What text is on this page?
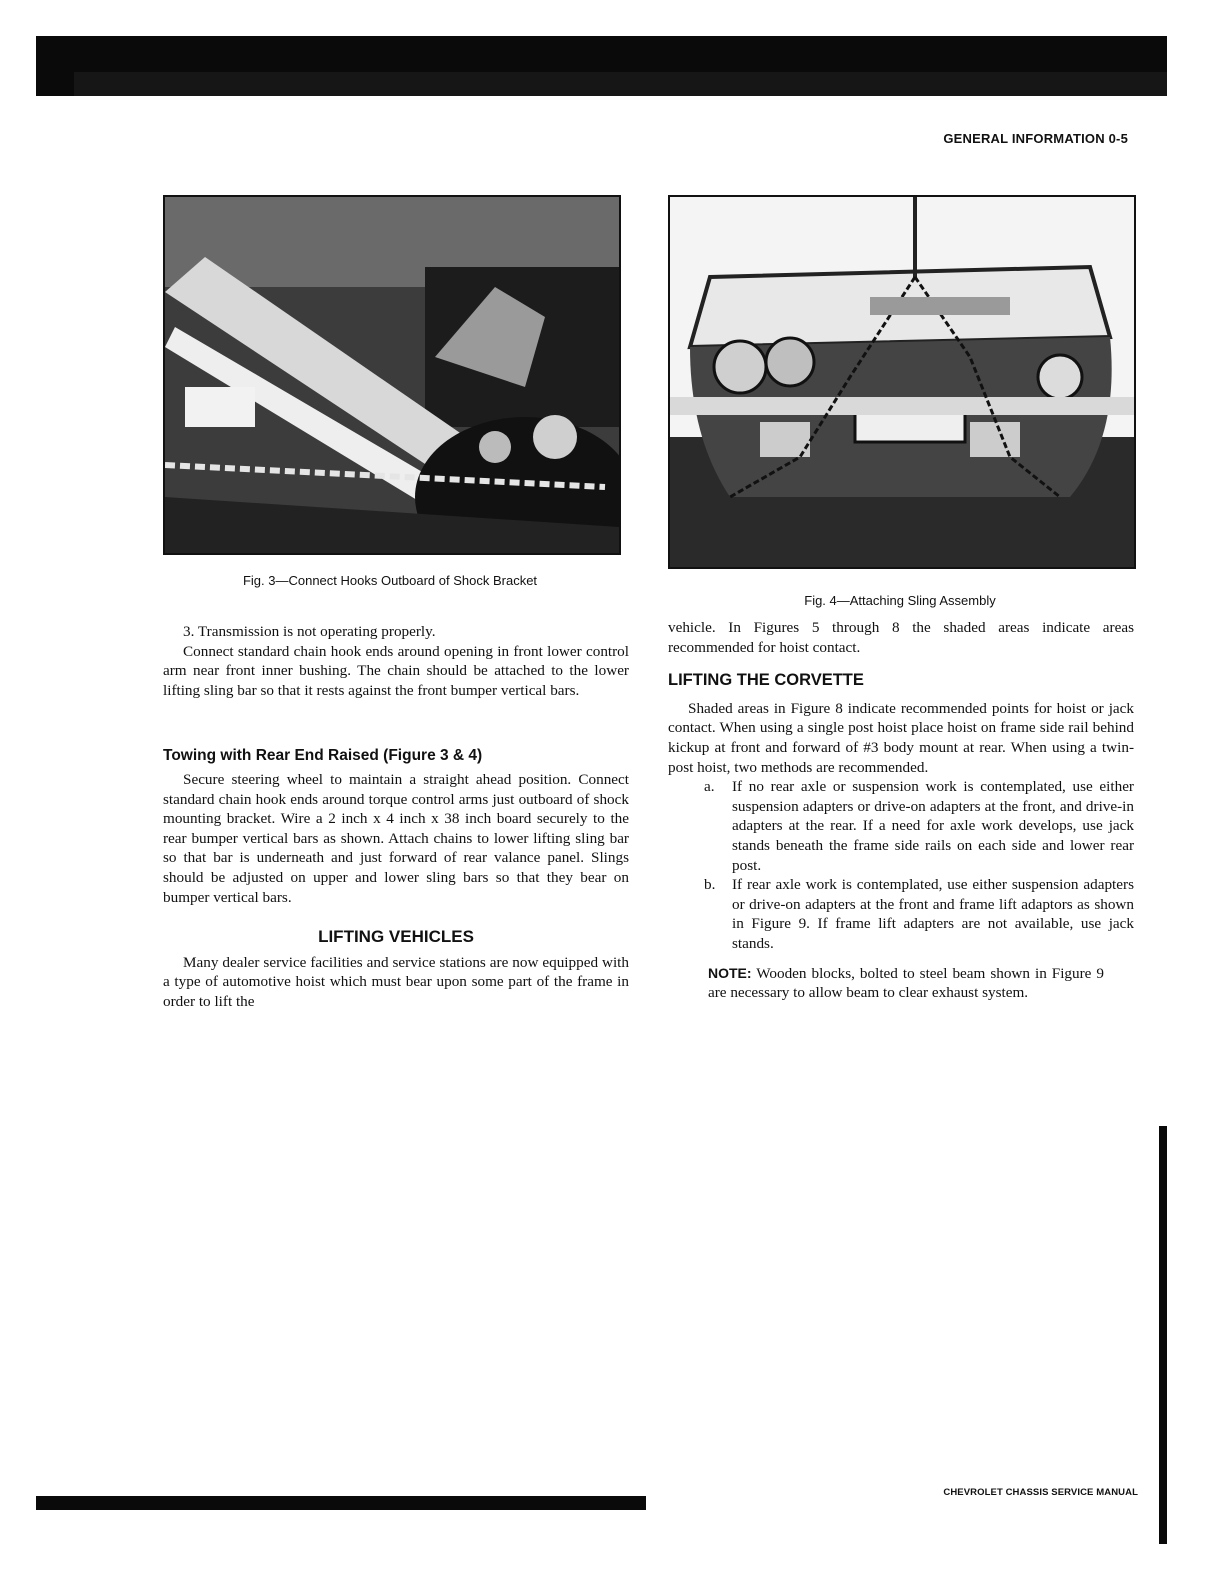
GENERAL INFORMATION 0-5
Fig. 3—Connect Hooks Outboard of Shock Bracket
Fig. 4—Attaching Sling Assembly

3. Transmission is not operating properly.

Connect standard chain hook ends around opening in front lower control arm near front inner bushing. The chain should be attached to the lower lifting sling bar so that it rests against the front bumper vertical bars.

Towing with Rear End Raised (Figure 3 & 4)

Secure steering wheel to maintain a straight ahead position. Connect standard chain hook ends around torque control arms just outboard of shock mounting bracket. Wire a 2 inch x 4 inch x 38 inch board securely to the rear bumper vertical bars as shown. Attach chains to lower lifting sling bar so that bar is underneath and just forward of rear valance panel. Slings should be adjusted on upper and lower sling bars so that they bear on bumper vertical bars.

LIFTING VEHICLES

Many dealer service facilities and service stations are now equipped with a type of automotive hoist which must bear upon some part of the frame in order to lift the

vehicle. In Figures 5 through 8 the shaded areas indicate areas recommended for hoist contact.

LIFTING THE CORVETTE

Shaded areas in Figure 8 indicate recommended points for hoist or jack contact. When using a single post hoist place hoist on frame side rail behind kickup at front and forward of #3 body mount at rear. When using a twin-post hoist, two methods are recommended.

a. If no rear axle or suspension work is contemplated, use either suspension adapters or drive-on adapters at the front, and drive-in adapters at the rear. If a need for axle work develops, use jack stands beneath the frame side rails on each side and lower rear post.
b. If rear axle work is contemplated, use either suspension adapters or drive-on adapters at the front and frame lift adaptors as shown in Figure 9. If frame lift adapters are not available, use jack stands.

NOTE: Wooden blocks, bolted to steel beam shown in Figure 9 are necessary to allow beam to clear exhaust system.

CHEVROLET CHASSIS SERVICE MANUAL
